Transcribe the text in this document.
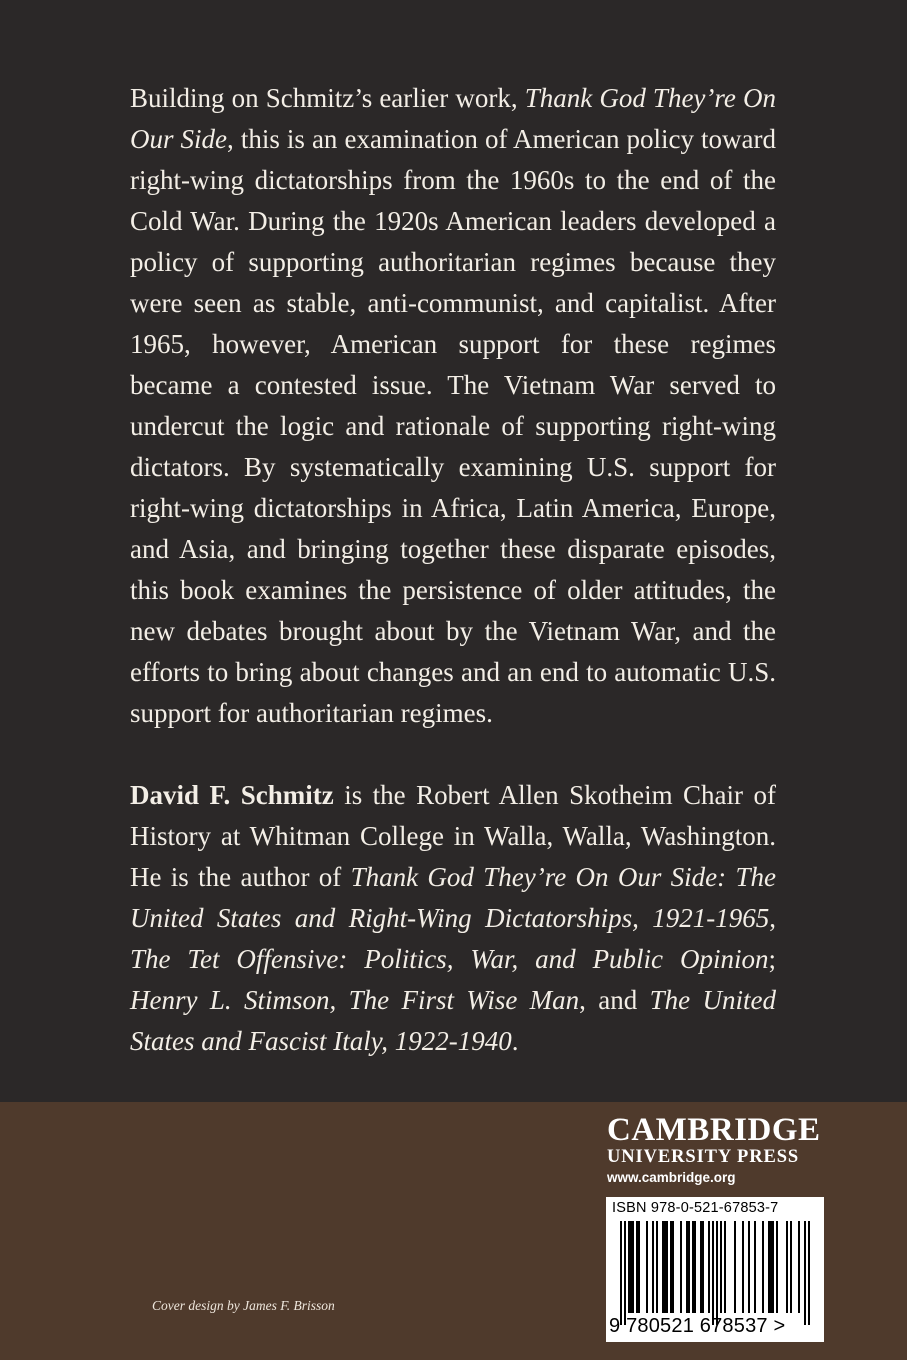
Building on Schmitz’s earlier work, Thank God They’re On Our Side, this is an examination of American policy toward right-wing dictatorships from the 1960s to the end of the Cold War. During the 1920s American leaders developed a policy of supporting authoritarian regimes because they were seen as stable, anti-communist, and capitalist. After 1965, however, American support for these regimes became a contested issue. The Vietnam War served to undercut the logic and rationale of supporting right-wing dictators. By systematically examining U.S. support for right-wing dictatorships in Africa, Latin America, Europe, and Asia, and bringing together these disparate episodes, this book examines the persistence of older attitudes, the new debates brought about by the Vietnam War, and the efforts to bring about changes and an end to automatic U.S. support for authoritarian regimes.

David F. Schmitz is the Robert Allen Skotheim Chair of History at Whitman College in Walla, Walla, Washington. He is the author of Thank God They’re On Our Side: The United States and Right-Wing Dictatorships, 1921-1965, The Tet Offensive: Politics, War, and Public Opinion; Henry L. Stimson, The First Wise Man, and The United States and Fascist Italy, 1922-1940.

CAMBRIDGE
UNIVERSITY PRESS
www.cambridge.org
ISBN 978-0-521-67853-7
9 780521 678537 >
Cover design by James F. Brisson
